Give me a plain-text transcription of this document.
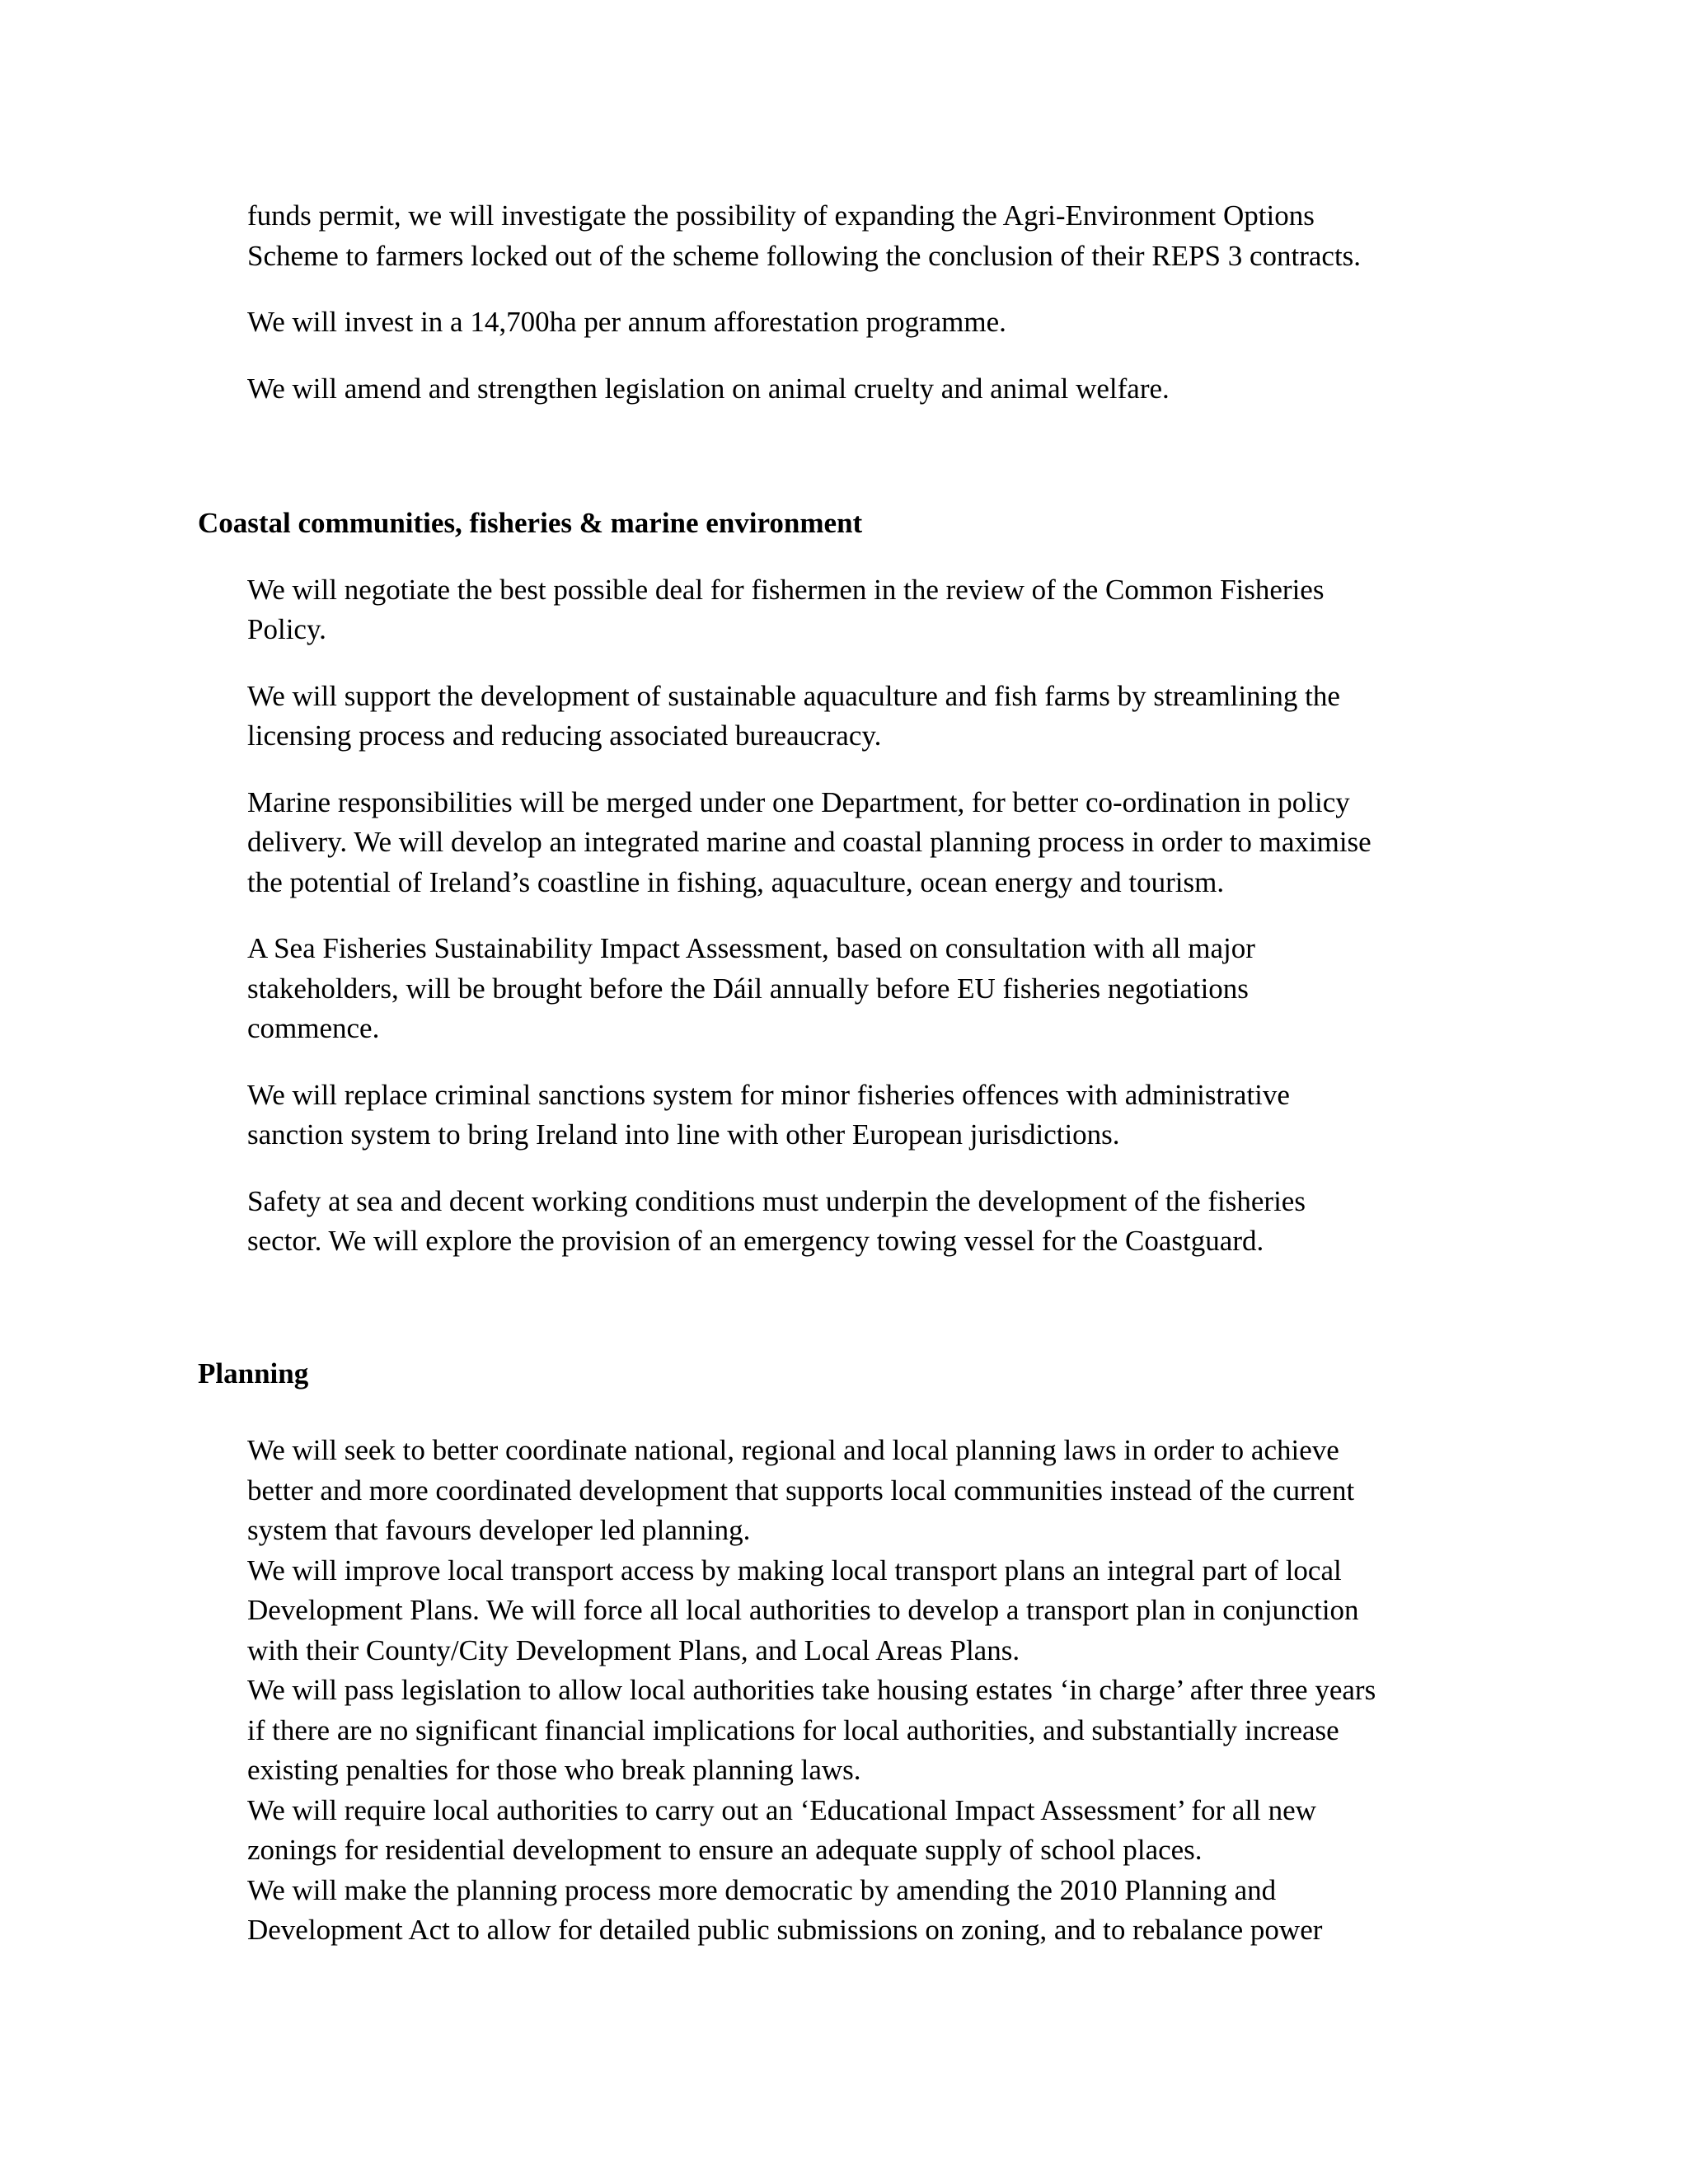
funds permit, we will investigate the possibility of expanding the Agri-Environment Options
Scheme to farmers locked out of the scheme following the conclusion of their REPS 3 contracts.

We will invest in a 14,700ha per annum afforestation programme.

We will amend and strengthen legislation on animal cruelty and animal welfare.

Coastal communities, fisheries & marine environment

We will negotiate the best possible deal for fishermen in the review of the Common Fisheries
Policy.

We will support the development of sustainable aquaculture and fish farms by streamlining the
licensing process and reducing associated bureaucracy.

Marine responsibilities will be merged under one Department, for better co-ordination in policy
delivery. We will develop an integrated marine and coastal planning process in order to maximise
the potential of Ireland’s coastline in fishing, aquaculture, ocean energy and tourism.

A Sea Fisheries Sustainability Impact Assessment, based on consultation with all major
stakeholders, will be brought before the Dáil annually before EU fisheries negotiations
commence.

We will replace criminal sanctions system for minor fisheries offences with administrative
sanction system to bring Ireland into line with other European jurisdictions.

Safety at sea and decent working conditions must underpin the development of the fisheries
sector. We will explore the provision of an emergency towing vessel for the Coastguard.

Planning

We will seek to better coordinate national, regional and local planning laws in order to achieve
better and more coordinated development that supports local communities instead of the current
system that favours developer led planning.
We will improve local transport access by making local transport plans an integral part of local
Development Plans. We will force all local authorities to develop a transport plan in conjunction
with their County/City Development Plans, and Local Areas Plans.
We will pass legislation to allow local authorities take housing estates ‘in charge’ after three years
if there are no significant financial implications for local authorities, and substantially increase
existing penalties for those who break planning laws.
We will require local authorities to carry out an ‘Educational Impact Assessment’ for all new
zonings for residential development to ensure an adequate supply of school places.
We will make the planning process more democratic by amending the 2010 Planning and
Development Act to allow for detailed public submissions on zoning, and to rebalance power
